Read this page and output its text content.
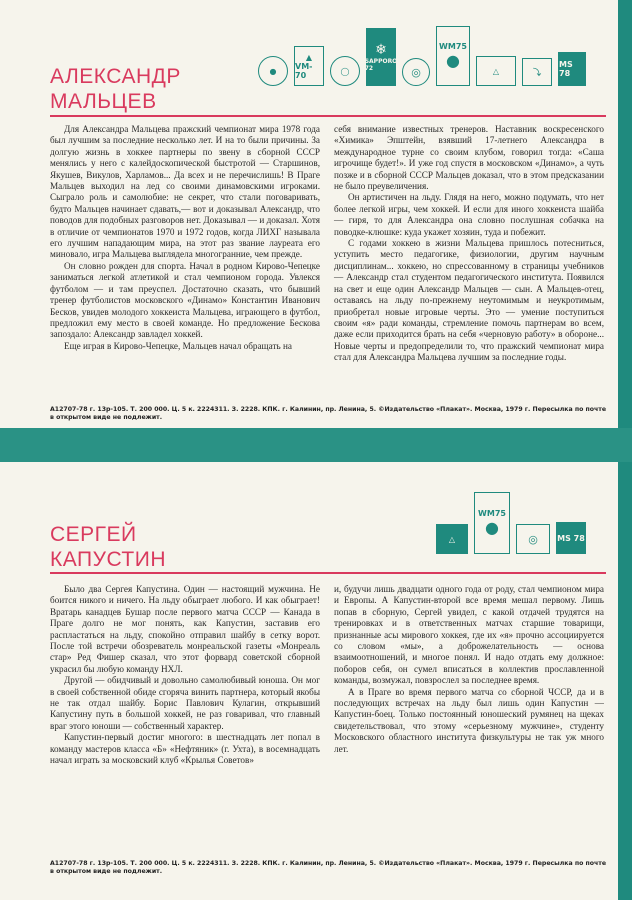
АЛЕКСАНДР
МАЛЬЦЕВ
●
▲
VM-70	◯
❄
SAPPORO 72	◎
WM75
●
△	⤵
MS 78

Для Александра Мальцева пражский чемпионат мира 1978 года был лучшим за последние несколько лет. И на то были причины. За долгую жизнь в хоккее партнеры по звену в сборной СССР менялись у него с калейдоскопической быстротой — Старшинов, Якушев, Викулов, Харламов... Да всех и не перечислишь! В Праге Мальцев выходил на лед со своими динамовскими игроками. Сыграло роль и самолюбие: не секрет, что стали поговаривать, будто Мальцев начинает сдавать,— вот и доказывал Александр, что поводов для подобных разговоров нет. Доказывал — и доказал. Хотя в отличие от чемпионатов 1970 и 1972 годов, когда ЛИХГ называла его лучшим нападающим мира, на этот раз звание лауреата его миновало, игра Мальцева выглядела многогранние, чем прежде.

Он словно рожден для спорта. Начал в родном Кирово-Чепецке заниматься легкой атлетикой и стал чемпионом города. Увлекся футболом — и там преуспел. Достаточно сказать, что бывший тренер футболистов московского «Динамо» Константин Иванович Бесков, увидев молодого хоккеиста Мальцева, играющего в футбол, предложил ему место в своей команде. Но предложение Бескова запоздало: Александр завладел хоккей.

Еще играя в Кирово-Чепецке, Мальцев начал обращать на

себя внимание известных тренеров. Наставник воскресенского «Химика» Эпштейн, взявший 17-летнего Александра в международное турне со своим клубом, говорил тогда: «Саша игрочище будет!». И уже год спустя в московском «Динамо», а чуть позже и в сборной СССР Мальцев доказал, что в этом предсказании не было преувеличения.

Он артистичен на льду. Глядя на него, можно подумать, что нет более легкой игры, чем хоккей. И если для иного хоккеиста шайба — гиря, то для Александра она словно послушная собачка на поводке-клюшке: куда укажет хозяин, туда и побежит.

С годами хоккею в жизни Мальцева пришлось потесниться, уступить место педагогике, физиологии, другим научным дисциплинам... хоккею, но спрессованному в страницы учебников — Александр стал студентом педагогического института. Появился на свет и еще один Александр Мальцев — сын. А Мальцев-отец, оставаясь на льду по-прежнему неутомимым и неукротимым, приобретал новые игровые черты. Это — умение поступиться своим «я» ради команды, стремление помочь партнерам во всем, даже если приходится брать на себя «черновую работу» в обороне... Новые черты и предопределили то, что пражский чемпионат мира стал для Александра Мальцева лучшим за последние годы.

А12707-78 г. 13р-105. Т. 200 000. Ц. 5 к. 2224311. З. 2228. КПК. г. Калинин, пр. Ленина, 5. ©Издательство «Плакат». Москва, 1979 г. Пересылка по почте в открытом виде не подлежит.
СЕРГЕЙ
КАПУСТИН
△
WM75
●
◎	MS 78

Было два Сергея Капустина. Один — настоящий мужчина. Не боится никого и ничего. На льду обыграет любого. И как обыграет! Вратарь канадцев Бушар после первого матча СССР — Канада в Праге долго не мог понять, как Капустин, заставив его распластаться на льду, спокойно отправил шайбу в сетку ворот. После той встречи обозреватель монреальской газеты «Монреаль стар» Ред Фишер сказал, что этот форвард советской сборной украсил бы любую команду НХЛ.

Другой — обидчивый и довольно самолюбивый юноша. Он мог в своей собственной обиде сгоряча винить партнера, который якобы не так отдал шайбу. Борис Павлович Кулагин, открывший Капустину путь в большой хоккей, не раз говаривал, что главный враг этого юноши — собственный характер.

Капустин-первый достиг многого: в шестнадцать лет попал в команду мастеров класса «Б» «Нефтяник» (г. Ухта), в восемнадцать начал играть за московский клуб «Крылья Советов»

и, будучи лишь двадцати одного года от роду, стал чемпионом мира и Европы. А Капустин-второй все время мешал первому. Лишь попав в сборную, Сергей увидел, с какой отдачей трудятся на тренировках и в ответственных матчах старшие товарищи, признанные асы мирового хоккея, где их «я» прочно ассоциируется со словом «мы», а доброжелательность — основа взаимоотношений, и многое понял. И надо отдать ему должное: поборов себя, он сумел вписаться в коллектив прославленной команды, возмужал, повзрослел за последнее время.

А в Праге во время первого матча со сборной ЧССР, да и в последующих встречах на льду был лишь один Капустин — Капустин-боец. Только постоянный юношеский румянец на щеках свидетельствовал, что этому «серьезному мужчине», студенту Московского областного института физкультуры не так уж много лет.

А12707-78 г. 13р-105. Т. 200 000. Ц. 5 к. 2224311. З. 2228. КПК. г. Калинин, пр. Ленина, 5. ©Издательство «Плакат». Москва, 1979 г. Пересылка по почте в открытом виде не подлежит.
